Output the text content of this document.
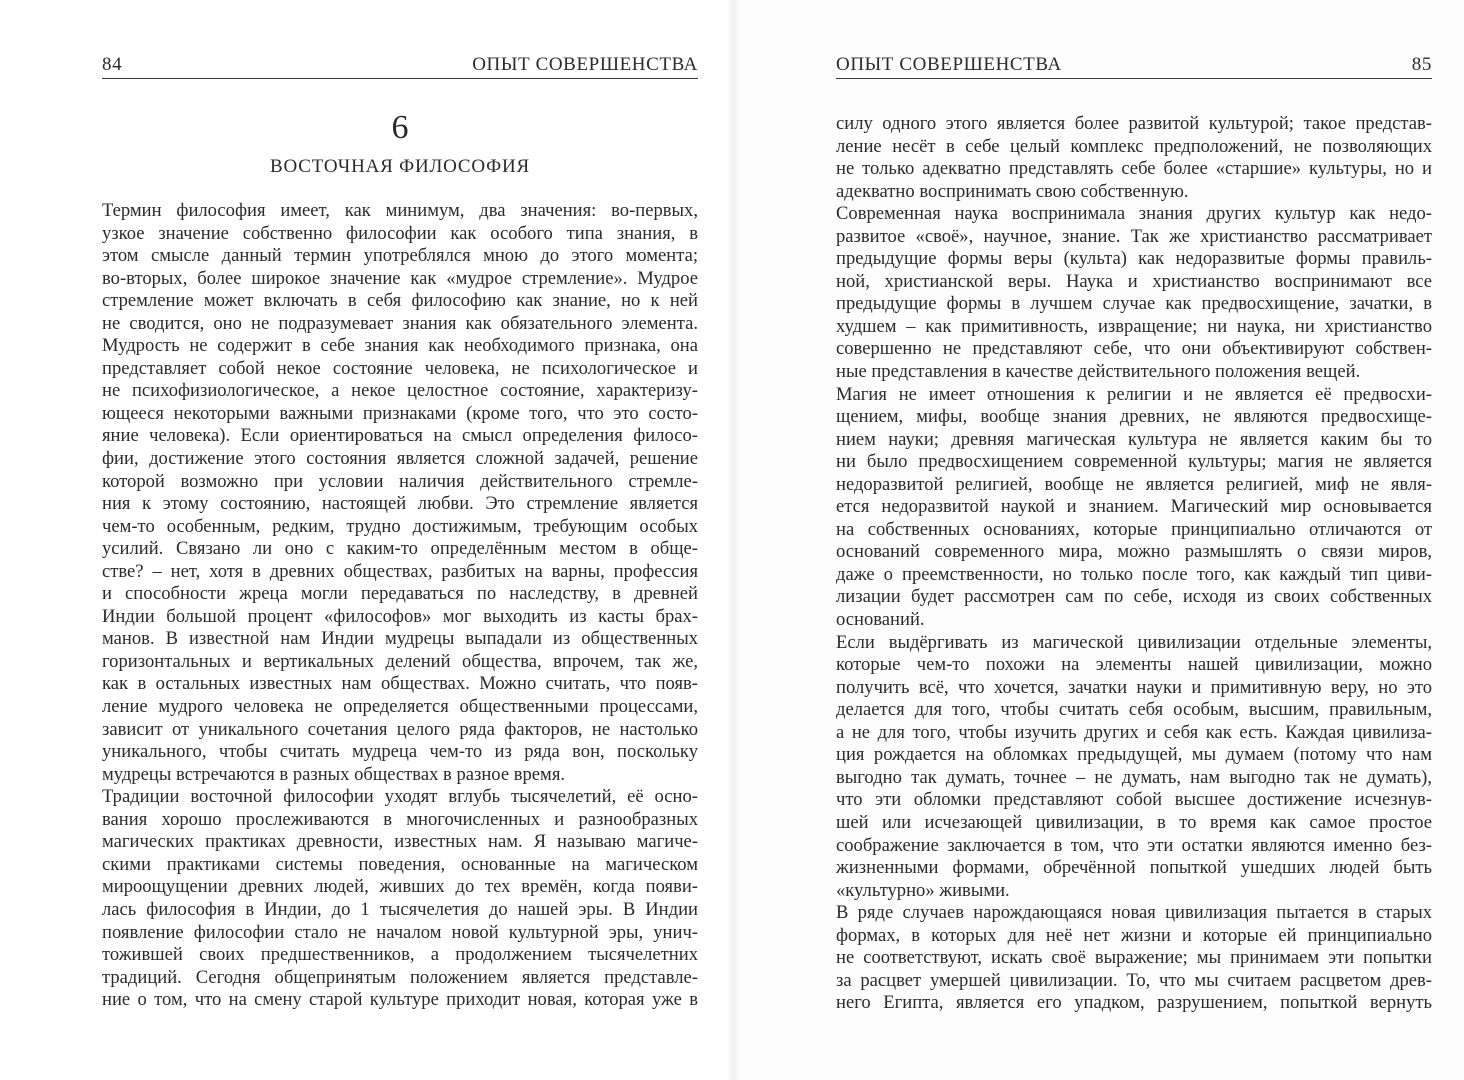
84	ОПЫТ СОВЕРШЕНСТВА
6
ВОСТОЧНАЯ ФИЛОСОФИЯ
Термин философия имеет, как минимум, два значения: во-первых,
узкое значение собственно философии как особого типа знания, в
этом смысле данный термин употреблялся мною до этого момента;
во-вторых, более широкое значение как «мудрое стремление». Мудрое
стремление может включать в себя философию как знание, но к ней
не сводится, оно не подразумевает знания как обязательного элемента.
Мудрость не содержит в себе знания как необходимого признака, она
представляет собой некое состояние человека, не психологическое и
не психофизиологическое, а некое целостное состояние, характеризу-
ющееся некоторыми важными признаками (кроме того, что это состо-
яние человека). Если ориентироваться на смысл определения филосо-
фии, достижение этого состояния является сложной задачей, решение
которой возможно при условии наличия действительного стремле-
ния к этому состоянию, настоящей любви. Это стремление является
чем-то особенным, редким, трудно достижимым, требующим особых
усилий. Связано ли оно с каким-то определённым местом в обще-
стве? – нет, хотя в древних обществах, разбитых на варны, профессия
и способности жреца могли передаваться по наследству, в древней
Индии большой процент «философов» мог выходить из касты брах-
манов. В известной нам Индии мудрецы выпадали из общественных
горизонтальных и вертикальных делений общества, впрочем, так же,
как в остальных известных нам обществах. Можно считать, что появ-
ление мудрого человека не определяется общественными процессами,
зависит от уникального сочетания целого ряда факторов, не настолько
уникального, чтобы считать мудреца чем-то из ряда вон, поскольку
мудрецы встречаются в разных обществах в разное время.
Традиции восточной философии уходят вглубь тысячелетий, её осно-
вания хорошо прослеживаются в многочисленных и разнообразных
магических практиках древности, известных нам. Я называю магиче-
скими практиками системы поведения, основанные на магическом
мироощущении древних людей, живших до тех времён, когда появи-
лась философия в Индии, до 1 тысячелетия до нашей эры. В Индии
появление философии стало не началом новой культурной эры, унич-
тожившей своих предшественников, а продолжением тысячелетних
традиций. Сегодня общепринятым положением является представле-
ние о том, что на смену старой культуре приходит новая, которая уже в
ОПЫТ СОВЕРШЕНСТВА	85
силу одного этого является более развитой культурой; такое представ-
ление несёт в себе целый комплекс предположений, не позволяющих
не только адекватно представлять себе более «старшие» культуры, но и
адекватно воспринимать свою собственную.
Современная наука воспринимала знания других культур как недо-
развитое «своё», научное, знание. Так же христианство рассматривает
предыдущие формы веры (культа) как недоразвитые формы правиль-
ной, христианской веры. Наука и христианство воспринимают все
предыдущие формы в лучшем случае как предвосхищение, зачатки, в
худшем – как примитивность, извращение; ни наука, ни христианство
совершенно не представляют себе, что они объективируют собствен-
ные представления в качестве действительного положения вещей.
Магия не имеет отношения к религии и не является её предвосхи-
щением, мифы, вообще знания древних, не являются предвосхище-
нием науки; древняя магическая культура не является каким бы то
ни было предвосхищением современной культуры; магия не является
недоразвитой религией, вообще не является религией, миф не явля-
ется недоразвитой наукой и знанием. Магический мир основывается
на собственных основаниях, которые принципиально отличаются от
оснований современного мира, можно размышлять о связи миров,
даже о преемственности, но только после того, как каждый тип циви-
лизации будет рассмотрен сам по себе, исходя из своих собственных
оснований.
Если выдёргивать из магической цивилизации отдельные элементы,
которые чем-то похожи на элементы нашей цивилизации, можно
получить всё, что хочется, зачатки науки и примитивную веру, но это
делается для того, чтобы считать себя особым, высшим, правильным,
а не для того, чтобы изучить других и себя как есть. Каждая цивилиза-
ция рождается на обломках предыдущей, мы думаем (потому что нам
выгодно так думать, точнее – не думать, нам выгодно так не думать),
что эти обломки представляют собой высшее достижение исчезнув-
шей или исчезающей цивилизации, в то время как самое простое
соображение заключается в том, что эти остатки являются именно без-
жизненными формами, обречённой попыткой ушедших людей быть
«культурно» живыми.
В ряде случаев нарождающаяся новая цивилизация пытается в старых
формах, в которых для неё нет жизни и которые ей принципиально
не соответствуют, искать своё выражение; мы принимаем эти попытки
за расцвет умершей цивилизации. То, что мы считаем расцветом древ-
него Египта, является его упадком, разрушением, попыткой вернуть
